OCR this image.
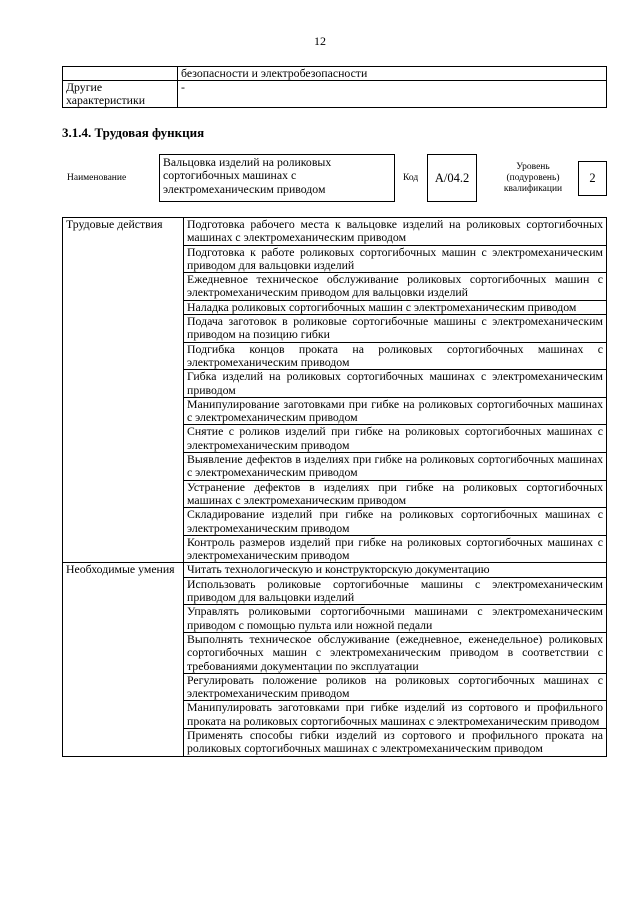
12
	безопасности и электробезопасности
Другие характеристики	-
3.1.4. Трудовая функция
Наименование
Вальцовка изделий на роликовых сортогибочных машинах с электромеханическим приводом
Код	А/04.2
Уровень (подуровень) квалификации
2
Трудовые действия	Подготовка рабочего места к вальцовке изделий на роликовых сортогибочных машинах с электромеханическим приводом
	Подготовка к работе роликовых сортогибочных машин с электромеханическим приводом для вальцовки изделий
	Ежедневное техническое обслуживание роликовых сортогибочных машин с электромеханическим приводом для вальцовки изделий
	Наладка роликовых сортогибочных машин с электромеханическим приводом
	Подача заготовок в роликовые сортогибочные машины с электромеханическим приводом на позицию гибки
	Подгибка концов проката на роликовых сортогибочных машинах с электромеханическим приводом
	Гибка изделий на роликовых сортогибочных машинах с электромеханическим приводом
	Манипулирование заготовками при гибке на роликовых сортогибочных машинах с электромеханическим приводом
	Снятие с роликов изделий при гибке на роликовых сортогибочных машинах с электромеханическим приводом
	Выявление дефектов в изделиях при гибке на роликовых сортогибочных машинах с электромеханическим приводом
	Устранение дефектов в изделиях при гибке на роликовых сортогибочных машинах с электромеханическим приводом
	Складирование изделий при гибке на роликовых сортогибочных машинах с электромеханическим приводом
	Контроль размеров изделий при гибке на роликовых сортогибочных машинах с электромеханическим приводом
Необходимые умения	Читать технологическую и конструкторскую документацию
	Использовать роликовые сортогибочные машины с электромеханическим приводом для вальцовки изделий
	Управлять роликовыми сортогибочными машинами с электромеханическим приводом с помощью пульта или ножной педали
	Выполнять техническое обслуживание (ежедневное, еженедельное) роликовых сортогибочных машин с электромеханическим приводом в соответствии с требованиями документации по эксплуатации
	Регулировать положение роликов на роликовых сортогибочных машинах с электромеханическим приводом
	Манипулировать заготовками при гибке изделий из сортового и профильного проката на роликовых сортогибочных машинах с электромеханическим приводом
	Применять способы гибки изделий из сортового и профильного проката на роликовых сортогибочных машинах с электромеханическим приводом
